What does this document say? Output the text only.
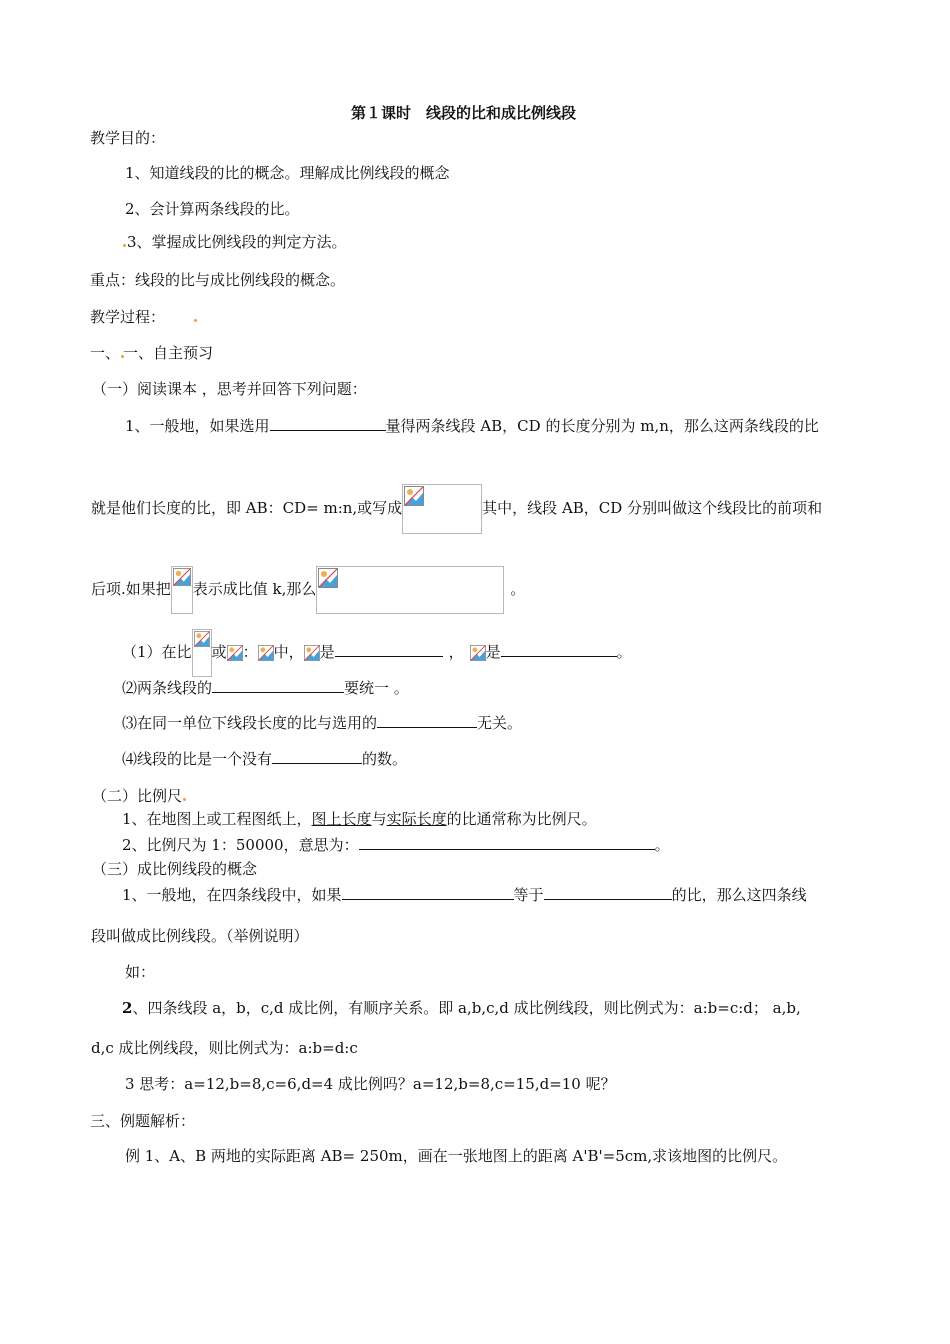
第１课时　线段的比和成比例线段
教学目的：
1、知道线段的比的概念。理解成比例线段的概念
2、会计算两条线段的比。
3、掌握成比例线段的判定方法。
重点：线段的比与成比例线段的概念。
教学过程：
一、 一、自主预习
（一）阅读课本 ，思考并回答下列问题：
1、一般地，如果选用	量得两条线段 AB，CD 的长度分别为 m,n，那么这两条线段的比
就是他们长度的比，即 AB：CD= m:n,或写成	其中，线段 AB，CD 分别叫做这个线段比的前项和
后项.如果把 表示成比值 k,那么	。
（1）在比 或 ： 中， 是	， 是	。
⑵两条线段的	要统一 。
⑶在同一单位下线段长度的比与选用的	无关。
⑷线段的比是一个没有	的数。
（二）比例尺
1、在地图上或工程图纸上，图上长度与实际长度的比通常称为比例尺。
2、比例尺为 1：50000，意思为：	。
（三）成比例线段的概念
1、一般地，在四条线段中，如果	等于	的比，那么这四条线
段叫做成比例线段。（举例说明）
如：
2、四条线段 a，b，c,d 成比例，有顺序关系。即 a,b,c,d 成比例线段，则比例式为：a:b=c:d； a,b,
d,c 成比例线段，则比例式为：a:b=d:c
3 思考：a=12,b=8,c=6,d=4 成比例吗？a=12,b=8,c=15,d=10 呢？
三、例题解析：
例 1、A、B 两地的实际距离 AB= 250m，画在一张地图上的距离 A'B'=5cm,求该地图的比例尺。
